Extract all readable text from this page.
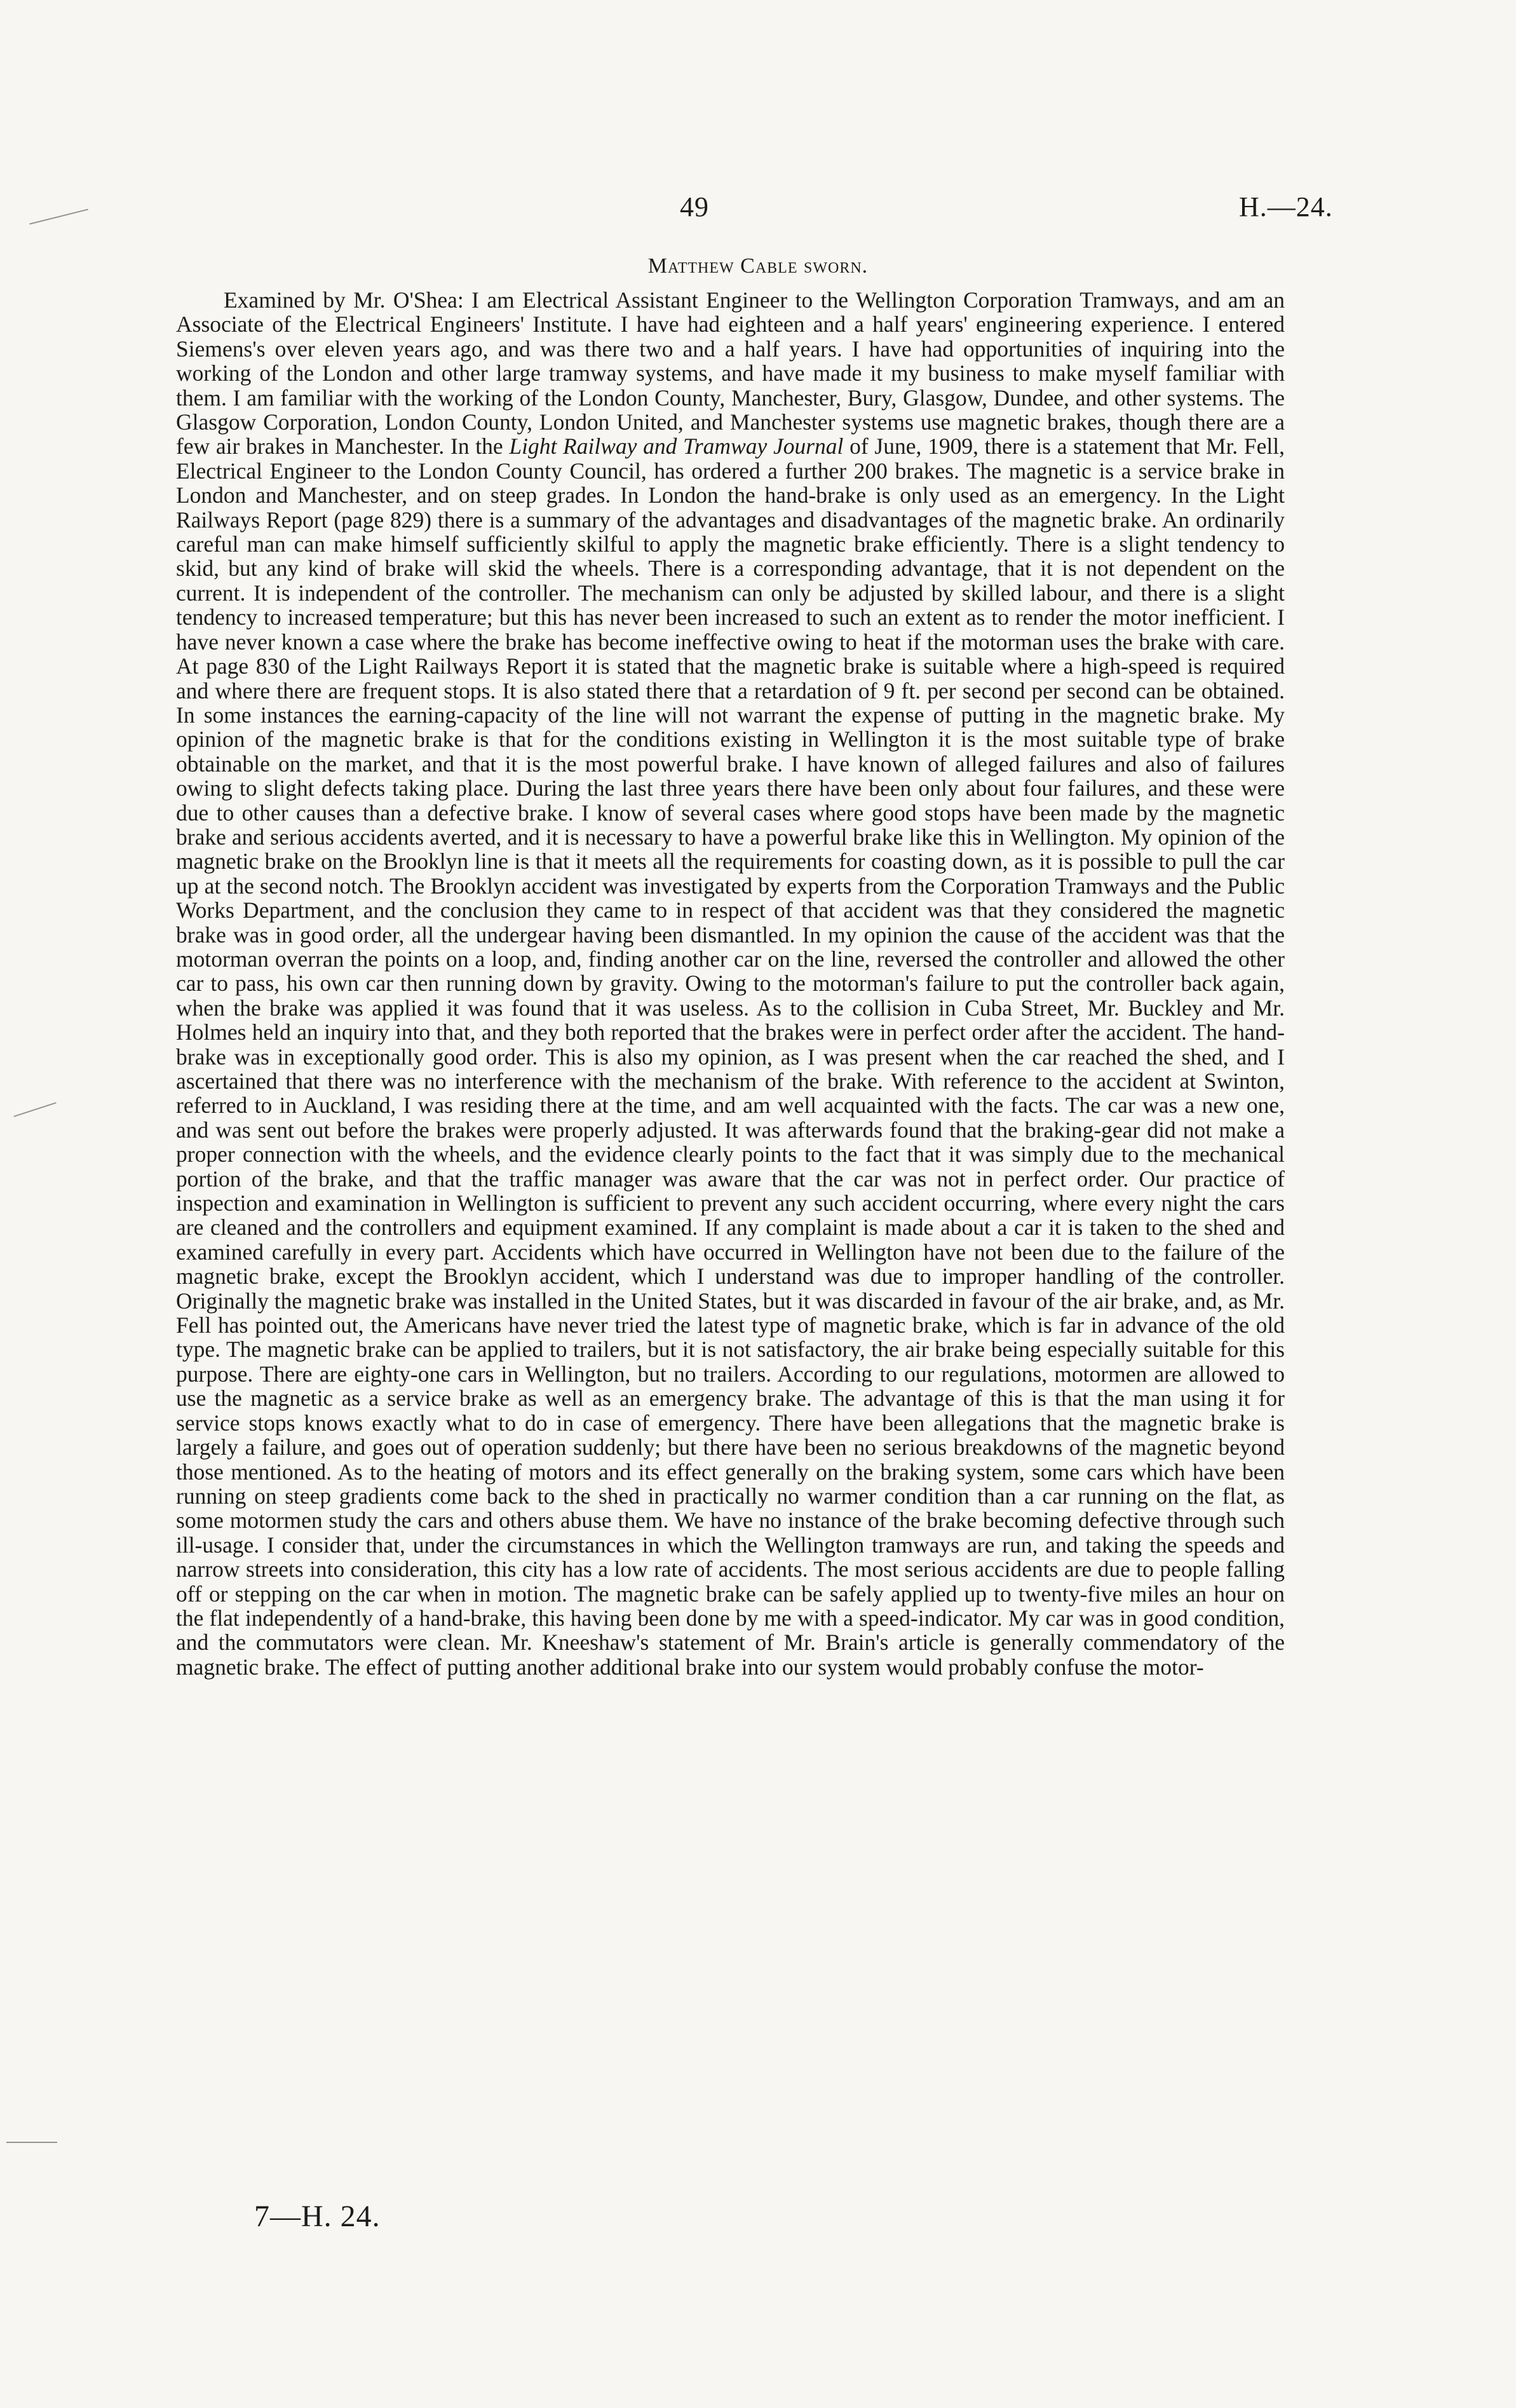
49	H.—24.
Matthew Cable sworn.

Examined by Mr. O'Shea: I am Electrical Assistant Engineer to the Wellington Corporation Tramways, and am an Associate of the Electrical Engineers' Institute. I have had eighteen and a half years' engineering experience. I entered Siemens's over eleven years ago, and was there two and a half years. I have had opportunities of inquiring into the working of the London and other large tramway systems, and have made it my business to make myself familiar with them. I am familiar with the working of the London County, Manchester, Bury, Glasgow, Dundee, and other systems. The Glasgow Corporation, London County, London United, and Manchester systems use magnetic brakes, though there are a few air brakes in Manchester. In the Light Railway and Tramway Journal of June, 1909, there is a statement that Mr. Fell, Electrical Engineer to the London County Council, has ordered a further 200 brakes. The magnetic is a service brake in London and Manchester, and on steep grades. In London the hand-brake is only used as an emergency. In the Light Railways Report (page 829) there is a summary of the advantages and disadvantages of the magnetic brake. An ordinarily careful man can make himself sufficiently skilful to apply the magnetic brake efficiently. There is a slight tendency to skid, but any kind of brake will skid the wheels. There is a corresponding advantage, that it is not dependent on the current. It is independent of the controller. The mechanism can only be adjusted by skilled labour, and there is a slight tendency to increased temperature; but this has never been increased to such an extent as to render the motor inefficient. I have never known a case where the brake has become ineffective owing to heat if the motorman uses the brake with care. At page 830 of the Light Railways Report it is stated that the magnetic brake is suitable where a high-speed is required and where there are frequent stops. It is also stated there that a retardation of 9 ft. per second per second can be obtained. In some instances the earning-capacity of the line will not warrant the expense of putting in the magnetic brake. My opinion of the magnetic brake is that for the conditions existing in Wellington it is the most suitable type of brake obtainable on the market, and that it is the most powerful brake. I have known of alleged failures and also of failures owing to slight defects taking place. During the last three years there have been only about four failures, and these were due to other causes than a defective brake. I know of several cases where good stops have been made by the magnetic brake and serious accidents averted, and it is necessary to have a powerful brake like this in Wellington. My opinion of the magnetic brake on the Brooklyn line is that it meets all the requirements for coasting down, as it is possible to pull the car up at the second notch. The Brooklyn accident was investigated by experts from the Corporation Tramways and the Public Works Department, and the conclusion they came to in respect of that accident was that they considered the magnetic brake was in good order, all the undergear having been dismantled. In my opinion the cause of the accident was that the motorman overran the points on a loop, and, finding another car on the line, reversed the controller and allowed the other car to pass, his own car then running down by gravity. Owing to the motorman's failure to put the controller back again, when the brake was applied it was found that it was useless. As to the collision in Cuba Street, Mr. Buckley and Mr. Holmes held an inquiry into that, and they both reported that the brakes were in perfect order after the accident. The hand-brake was in exceptionally good order. This is also my opinion, as I was present when the car reached the shed, and I ascertained that there was no interference with the mechanism of the brake. With reference to the accident at Swinton, referred to in Auckland, I was residing there at the time, and am well acquainted with the facts. The car was a new one, and was sent out before the brakes were properly adjusted. It was afterwards found that the braking-gear did not make a proper connection with the wheels, and the evidence clearly points to the fact that it was simply due to the mechanical portion of the brake, and that the traffic manager was aware that the car was not in perfect order. Our practice of inspection and examination in Wellington is sufficient to prevent any such accident occurring, where every night the cars are cleaned and the controllers and equipment examined. If any complaint is made about a car it is taken to the shed and examined carefully in every part. Accidents which have occurred in Wellington have not been due to the failure of the magnetic brake, except the Brooklyn accident, which I understand was due to improper handling of the controller. Originally the magnetic brake was installed in the United States, but it was discarded in favour of the air brake, and, as Mr. Fell has pointed out, the Americans have never tried the latest type of magnetic brake, which is far in advance of the old type. The magnetic brake can be applied to trailers, but it is not satisfactory, the air brake being especially suitable for this purpose. There are eighty-one cars in Wellington, but no trailers. According to our regulations, motormen are allowed to use the magnetic as a service brake as well as an emergency brake. The advantage of this is that the man using it for service stops knows exactly what to do in case of emergency. There have been allegations that the magnetic brake is largely a failure, and goes out of operation suddenly; but there have been no serious breakdowns of the magnetic beyond those mentioned. As to the heating of motors and its effect generally on the braking system, some cars which have been running on steep gradients come back to the shed in practically no warmer condition than a car running on the flat, as some motormen study the cars and others abuse them. We have no instance of the brake becoming defective through such ill-usage. I consider that, under the circumstances in which the Wellington tramways are run, and taking the speeds and narrow streets into consideration, this city has a low rate of accidents. The most serious accidents are due to people falling off or stepping on the car when in motion. The magnetic brake can be safely applied up to twenty-five miles an hour on the flat independently of a hand-brake, this having been done by me with a speed-indicator. My car was in good condition, and the commutators were clean. Mr. Kneeshaw's statement of Mr. Brain's article is generally commendatory of the magnetic brake. The effect of putting another additional brake into our system would probably confuse the motor-

7—H. 24.
